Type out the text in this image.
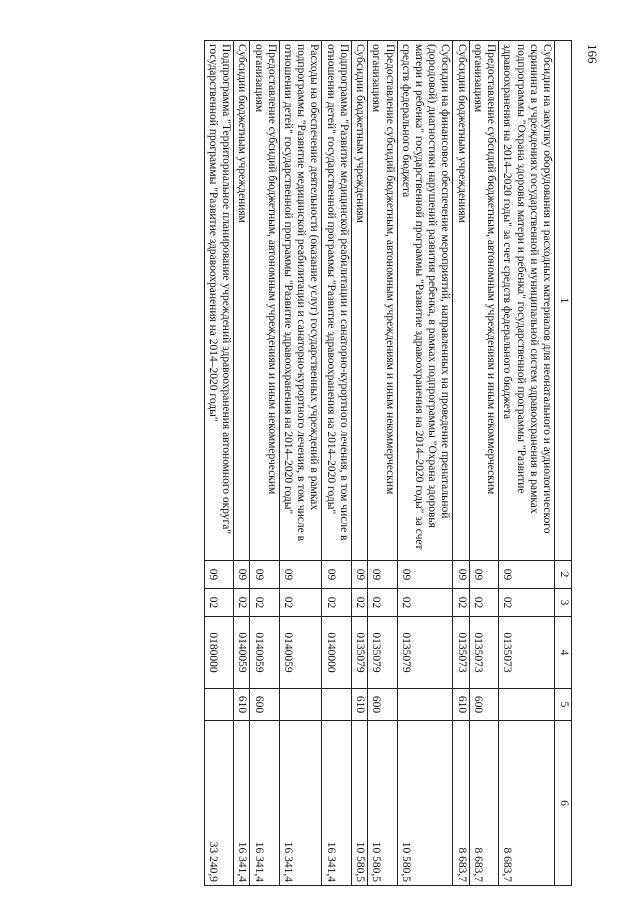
166
1	2	3	4	5	6
Субсидии на закупку оборудования и расходных материалов для неонатального и аудиологического скрининга в учреждениях государственной и муниципальной систем здравоохранения в рамках подпрограммы "Охрана здоровья матери и ребенка" государственной программы "Развитие здравоохранения на 2014–2020 годы" за счет средств федерального бюджета	09	02	0135073		8 683,7
Предоставление субсидий бюджетным, автономным учреждениям и иным некоммерческим организациям	09	02	0135073	600	8 683,7
Субсидии бюджетным учреждениям	09	02	0135073	610	8 683,7
Субсидии на финансовое обеспечение мероприятий, направленных на проведение пренатальной (дородовой) диагностики нарушений развития ребенка, в рамках подпрограммы "Охрана здоровья матери и ребенка" государственной программы "Развитие здравоохранения на 2014–2020 годы" за счет средств федерального бюджета	09	02	0135079		10 580,5
Предоставление субсидий бюджетным, автономным учреждениям и иным некоммерческим организациям	09	02	0135079	600	10 580,5
Субсидии бюджетным учреждениям	09	02	0135079	610	10 580,5
Подпрограмма "Развитие медицинской реабилитации и санаторно-курортного лечения, в том числе в отношении детей" государственной программы "Развитие здравоохранения на 2014–2020 годы"	09	02	0140000		16 341,4
Расходы на обеспечение деятельности (оказание услуг) государственных учреждений в рамках подпрограммы "Развитие медицинской реабилитации и санаторно-курортного лечения, в том числе в отношении детей" государственной программы "Развитие здравоохранения на 2014–2020 годы"	09	02	0140059		16 341,4
Предоставление субсидий бюджетным, автономным учреждениям и иным некоммерческим организациям	09	02	0140059	600	16 341,4
Субсидии бюджетным учреждениям	09	02	0140059	610	16 341,4
Подпрограмма "Территориальное планирование учреждений здравоохранения автономного округа" государственной программы "Развитие здравоохранения на 2014–2020 годы"	09	02	0180000		33 240,9
